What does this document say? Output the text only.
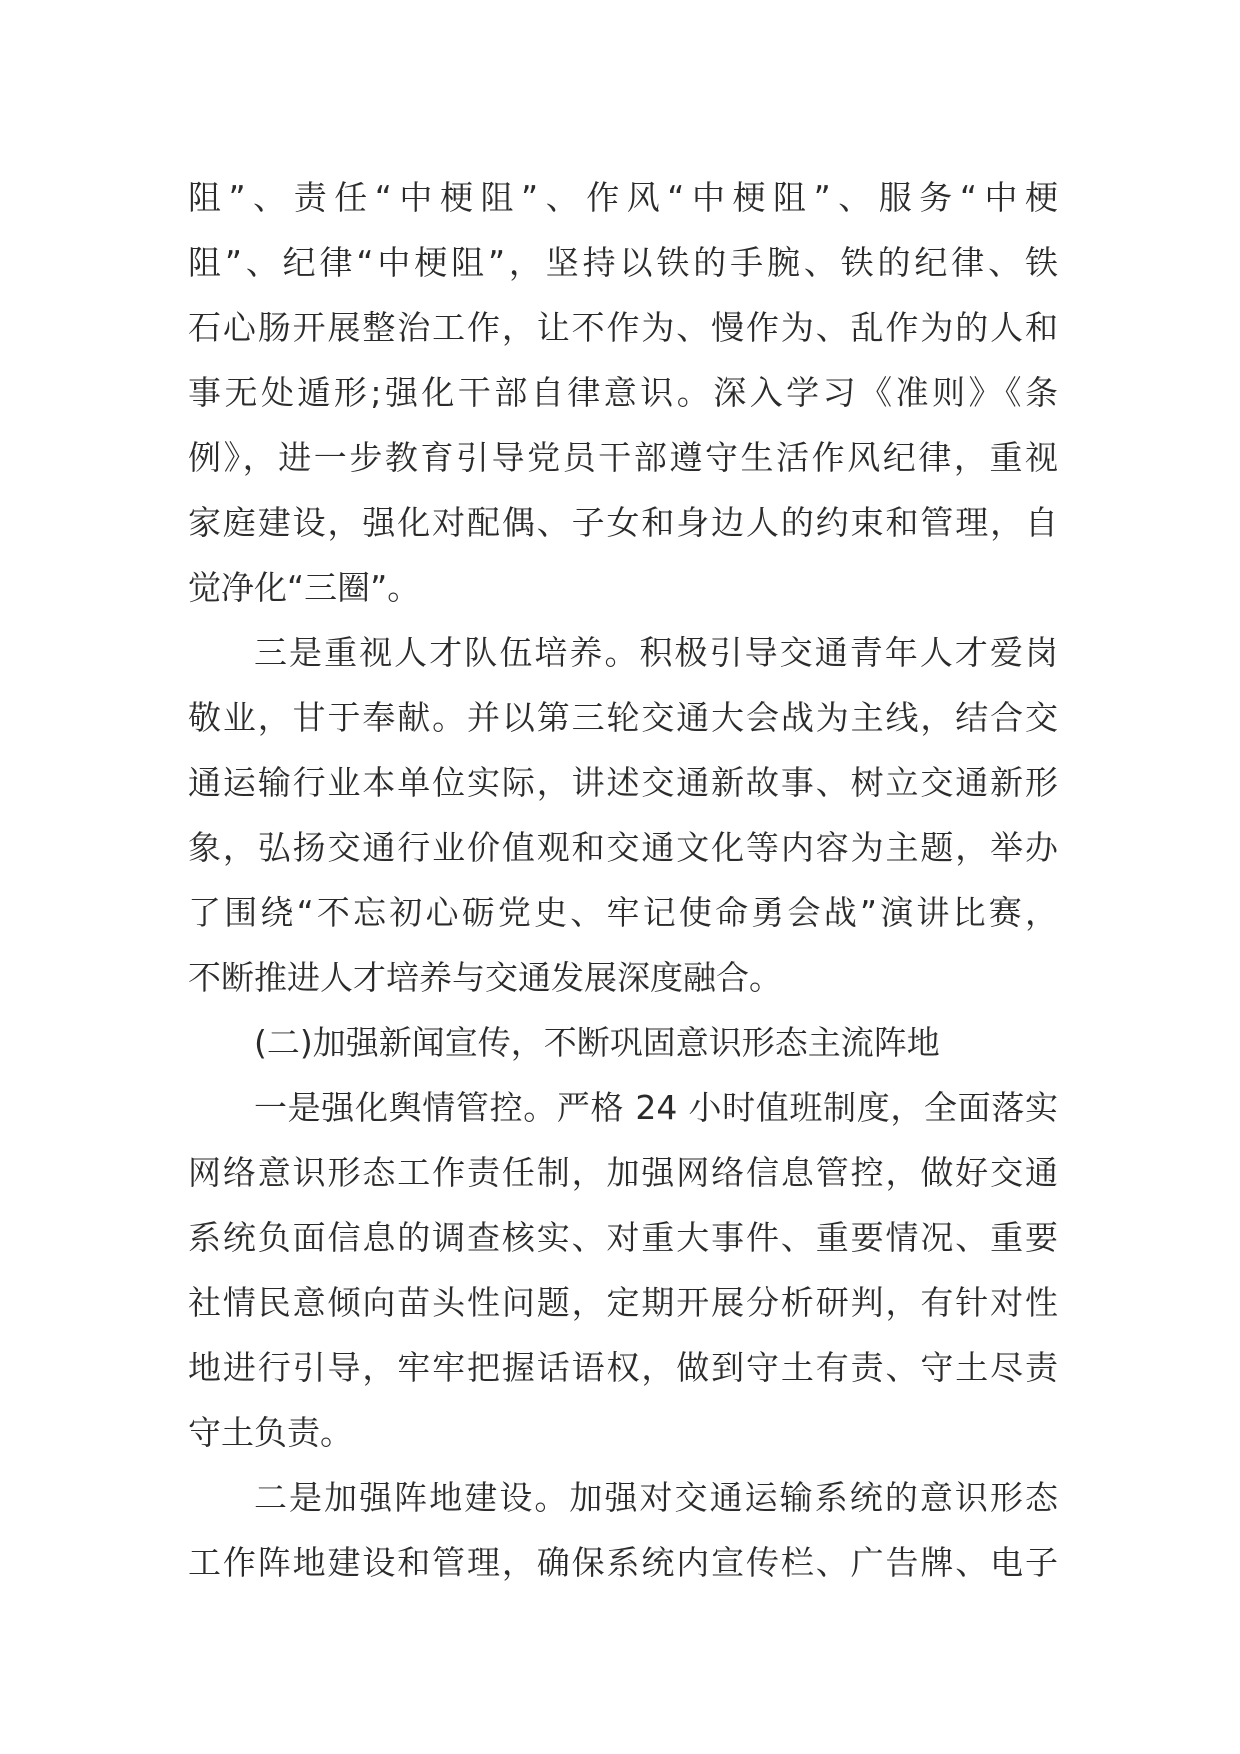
阻”、责任“中梗阻”、作风“中梗阻”、服务“中梗
阻”、纪律“中梗阻”，坚持以铁的手腕、铁的纪律、铁
石心肠开展整治工作，让不作为、慢作为、乱作为的人和
事无处遁形;强化干部自律意识。深入学习《准则》《条
例》，进一步教育引导党员干部遵守生活作风纪律，重视
家庭建设，强化对配偶、子女和身边人的约束和管理，自
觉净化“三圈”。
三是重视人才队伍培养。积极引导交通青年人才爱岗
敬业，甘于奉献。并以第三轮交通大会战为主线，结合交
通运输行业本单位实际，讲述交通新故事、树立交通新形
象，弘扬交通行业价值观和交通文化等内容为主题，举办
了围绕“不忘初心砺党史、牢记使命勇会战”演讲比赛，
不断推进人才培养与交通发展深度融合。
(二)加强新闻宣传，不断巩固意识形态主流阵地
一是强化舆情管控。严格 24 小时值班制度，全面落实
网络意识形态工作责任制，加强网络信息管控，做好交通
系统负面信息的调查核实、对重大事件、重要情况、重要
社情民意倾向苗头性问题，定期开展分析研判，有针对性
地进行引导，牢牢把握话语权，做到守土有责、守土尽责
守土负责。
二是加强阵地建设。加强对交通运输系统的意识形态
工作阵地建设和管理，确保系统内宣传栏、广告牌、电子
